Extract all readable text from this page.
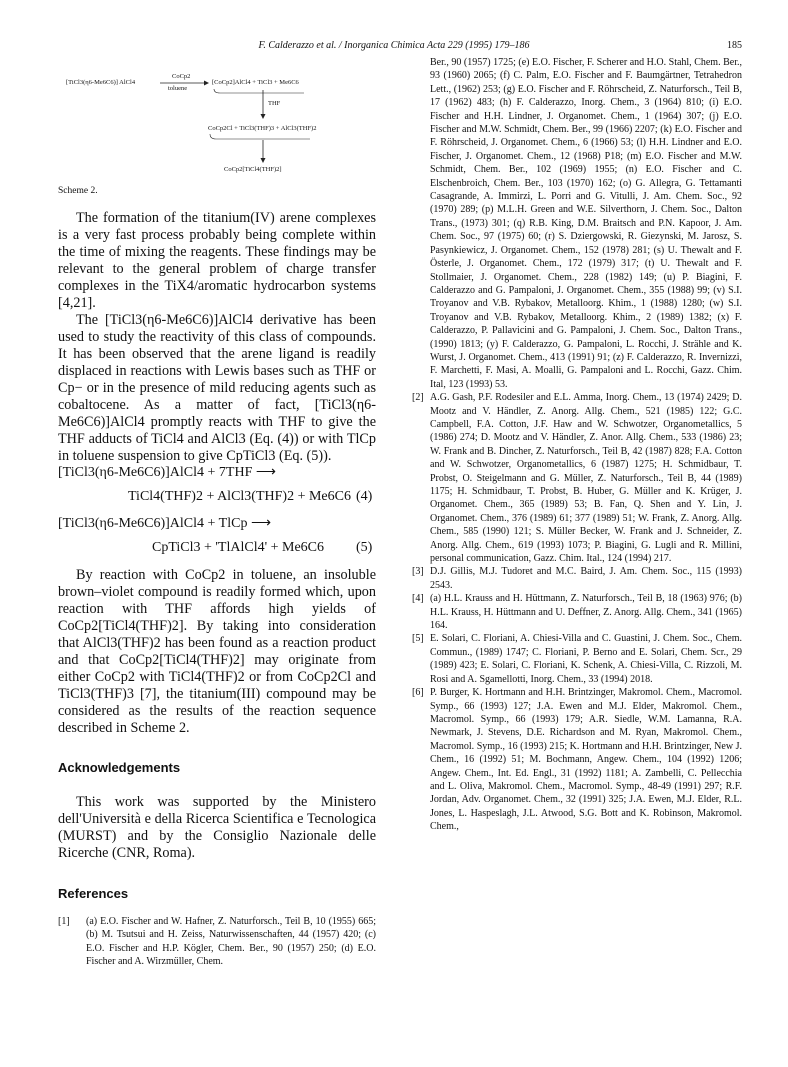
F. Calderazzo et al. / Inorganica Chimica Acta 229 (1995) 179–186	185
[TiCl3(η6-Me6C6)] AlCl4
CoCp2
toluene
[CoCp2]AlCl4 + TiCl3 + Me6C6
THF
CoCp2Cl + TiCl3(THF)3 + AlCl3(THF)2
CoCp2[TiCl4(THF)2]
Scheme 2.

The formation of the titanium(IV) arene complexes is a very fast process probably being complete within the time of mixing the reagents. These findings may be relevant to the general problem of charge transfer complexes in the TiX4/aromatic hydrocarbon systems [4,21].

The [TiCl3(η6-Me6C6)]AlCl4 derivative has been used to study the reactivity of this class of compounds. It has been observed that the arene ligand is readily displaced in reactions with Lewis bases such as THF or Cp− or in the presence of mild reducing agents such as cobaltocene. As a matter of fact, [TiCl3(η6-Me6C6)]AlCl4 promptly reacts with THF to give the THF adducts of TiCl4 and AlCl3 (Eq. (4)) or with TlCp in toluene suspension to give CpTiCl3 (Eq. (5)).

[TiCl3(η6-Me6C6)]AlCl4 + 7THF ⟶
TiCl4(THF)2 + AlCl3(THF)2 + Me6C6 (4)
[TiCl3(η6-Me6C6)]AlCl4 + TlCp ⟶
CpTiCl3 + 'TlAlCl4' + Me6C6 (5)

By reaction with CoCp2 in toluene, an insoluble brown–violet compound is readily formed which, upon reaction with THF affords high yields of CoCp2[TiCl4(THF)2]. By taking into consideration that AlCl3(THF)2 has been found as a reaction product and that CoCp2[TiCl4(THF)2] may originate from either CoCp2 with TiCl4(THF)2 or from CoCp2Cl and TiCl3(THF)3 [7], the titanium(III) compound may be considered as the results of the reaction sequence described in Scheme 2.

Acknowledgements

This work was supported by the Ministero dell'Università e della Ricerca Scientifica e Tecnologica (MURST) and by the Consiglio Nazionale delle Ricerche (CNR, Roma).

References
[1] (a) E.O. Fischer and W. Hafner, Z. Naturforsch., Teil B, 10 (1955) 665; (b) M. Tsutsui and H. Zeiss, Naturwissenschaften, 44 (1957) 420; (c) E.O. Fischer and H.P. Kögler, Chem. Ber., 90 (1957) 250; (d) E.O. Fischer and A. Wirzmüller, Chem.
Ber., 90 (1957) 1725; (e) E.O. Fischer, F. Scherer and H.O. Stahl, Chem. Ber., 93 (1960) 2065; (f) C. Palm, E.O. Fischer and F. Baumgärtner, Tetrahedron Lett., (1962) 253; (g) E.O. Fischer and F. Röhrscheid, Z. Naturforsch., Teil B, 17 (1962) 483; (h) F. Calderazzo, Inorg. Chem., 3 (1964) 810; (i) E.O. Fischer and H.H. Lindner, J. Organomet. Chem., 1 (1964) 307; (j) E.O. Fischer and M.W. Schmidt, Chem. Ber., 99 (1966) 2207; (k) E.O. Fischer and F. Röhrscheid, J. Organomet. Chem., 6 (1966) 53; (l) H.H. Lindner and E.O. Fischer, J. Organomet. Chem., 12 (1968) P18; (m) E.O. Fischer and M.W. Schmidt, Chem. Ber., 102 (1969) 1955; (n) E.O. Fischer and C. Elschenbroich, Chem. Ber., 103 (1970) 162; (o) G. Allegra, G. Tettamanti Casagrande, A. Immirzi, L. Porri and G. Vitulli, J. Am. Chem. Soc., 92 (1970) 289; (p) M.L.H. Green and W.E. Silverthorn, J. Chem. Soc., Dalton Trans., (1973) 301; (q) R.B. King, D.M. Braitsch and P.N. Kapoor, J. Am. Chem. Soc., 97 (1975) 60; (r) S. Dziergowski, R. Giezynski, M. Jarosz, S. Pasynkiewicz, J. Organomet. Chem., 152 (1978) 281; (s) U. Thewalt and F. Österle, J. Organomet. Chem., 172 (1979) 317; (t) U. Thewalt and F. Stollmaier, J. Organomet. Chem., 228 (1982) 149; (u) P. Biagini, F. Calderazzo and G. Pampaloni, J. Organomet. Chem., 355 (1988) 99; (v) S.I. Troyanov and V.B. Rybakov, Metalloorg. Khim., 1 (1988) 1280; (w) S.I. Troyanov and V.B. Rybakov, Metalloorg. Khim., 2 (1989) 1382; (x) F. Calderazzo, P. Pallavicini and G. Pampaloni, J. Chem. Soc., Dalton Trans., (1990) 1813; (y) F. Calderazzo, G. Pampaloni, L. Rocchi, J. Strähle and K. Wurst, J. Organomet. Chem., 413 (1991) 91; (z) F. Calderazzo, R. Invernizzi, F. Marchetti, F. Masi, A. Moalli, G. Pampaloni and L. Rocchi, Gazz. Chim. Ital, 123 (1993) 53.
[2] A.G. Gash, P.F. Rodesiler and E.L. Amma, Inorg. Chem., 13 (1974) 2429; D. Mootz and V. Händler, Z. Anorg. Allg. Chem., 521 (1985) 122; G.C. Campbell, F.A. Cotton, J.F. Haw and W. Schwotzer, Organometallics, 5 (1986) 274; D. Mootz and V. Händler, Z. Anor. Allg. Chem., 533 (1986) 23; W. Frank and B. Dincher, Z. Naturforsch., Teil B, 42 (1987) 828; F.A. Cotton and W. Schwotzer, Organometallics, 6 (1987) 1275; H. Schmidbaur, T. Probst, O. Steigelmann and G. Müller, Z. Naturforsch., Teil B, 44 (1989) 1175; H. Schmidbaur, T. Probst, B. Huber, G. Müller and K. Krüger, J. Organomet. Chem., 365 (1989) 53; B. Fan, Q. Shen and Y. Lin, J. Organomet. Chem., 376 (1989) 61; 377 (1989) 51; W. Frank, Z. Anorg. Allg. Chem., 585 (1990) 121; S. Müller Becker, W. Frank and J. Schneider, Z. Anorg. Allg. Chem., 619 (1993) 1073; P. Biagini, G. Lugli and R. Millini, personal communication, Gazz. Chim. Ital., 124 (1994) 217.
[3] D.J. Gillis, M.J. Tudoret and M.C. Baird, J. Am. Chem. Soc., 115 (1993) 2543.
[4] (a) H.L. Krauss and H. Hüttmann, Z. Naturforsch., Teil B, 18 (1963) 976; (b) H.L. Krauss, H. Hüttmann and U. Deffner, Z. Anorg. Allg. Chem., 341 (1965) 164.
[5] E. Solari, C. Floriani, A. Chiesi-Villa and C. Guastini, J. Chem. Soc., Chem. Commun., (1989) 1747; C. Floriani, P. Berno and E. Solari, Chem. Scr., 29 (1989) 423; E. Solari, C. Floriani, K. Schenk, A. Chiesi-Villa, C. Rizzoli, M. Rosi and A. Sgamellotti, Inorg. Chem., 33 (1994) 2018.
[6] P. Burger, K. Hortmann and H.H. Brintzinger, Makromol. Chem., Macromol. Symp., 66 (1993) 127; J.A. Ewen and M.J. Elder, Makromol. Chem., Macromol. Symp., 66 (1993) 179; A.R. Siedle, W.M. Lamanna, R.A. Newmark, J. Stevens, D.E. Richardson and M. Ryan, Makromol. Chem., Macromol. Symp., 16 (1993) 215; K. Hortmann and H.H. Brintzinger, New J. Chem., 16 (1992) 51; M. Bochmann, Angew. Chem., 104 (1992) 1206; Angew. Chem., Int. Ed. Engl., 31 (1992) 1181; A. Zambelli, C. Pellecchia and L. Oliva, Makromol. Chem., Macromol. Symp., 48-49 (1991) 297; R.F. Jordan, Adv. Organomet. Chem., 32 (1991) 325; J.A. Ewen, M.J. Elder, R.L. Jones, L. Haspeslagh, J.L. Atwood, S.G. Bott and K. Robinson, Makromol. Chem.,
